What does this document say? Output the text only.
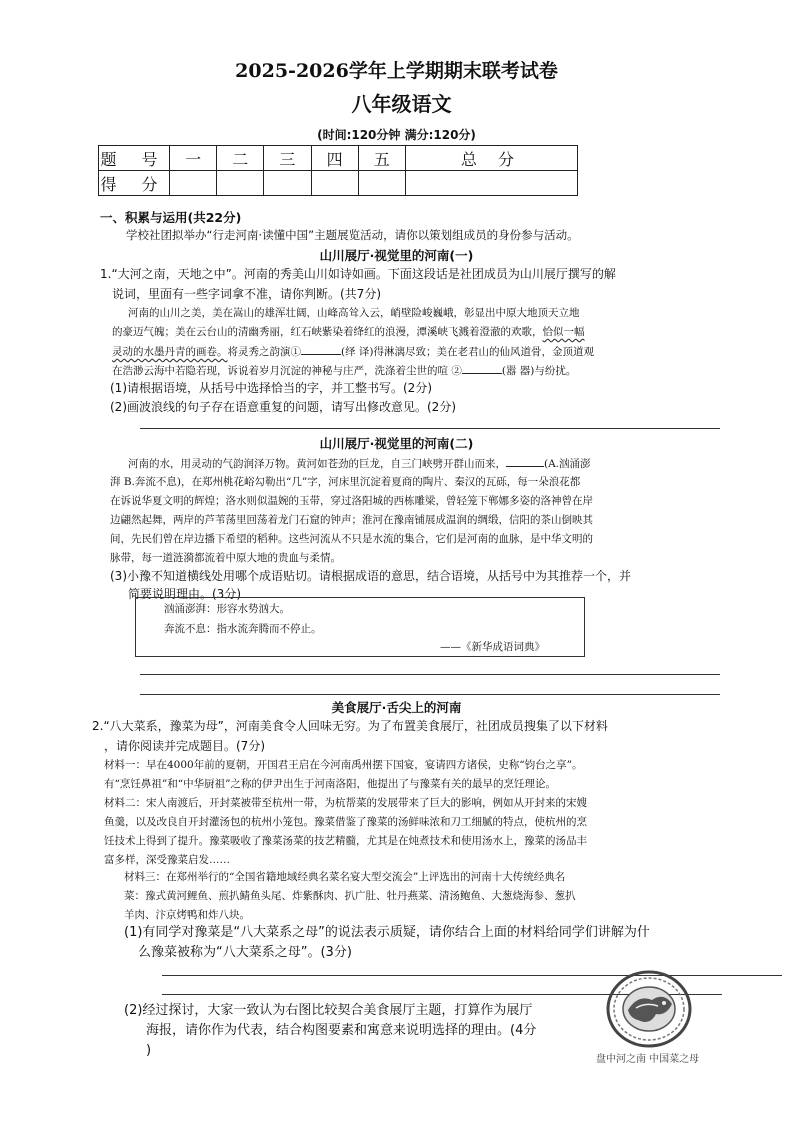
2025-2026学年上学期期末联考试卷
八年级语文
(时间:120分钟 满分:120分)
题 号	一	二	三	四	五	总 分
得 分						
一、积累与运用(共22分)
学校社团拟举办“行走河南·读懂中国”主题展览活动，请你以策划组成员的身份参与活动。
山川展厅·视觉里的河南(一)
1.“大河之南，天地之中”。河南的秀美山川如诗如画。下面这段话是社团成员为山川展厅撰写的解
说词，里面有一些字词拿不准，请你判断。(共7分)
河南的山川之美，美在嵩山的雄浑壮阔，山峰高耸入云，峭壁险峻巍峨，彰显出中原大地顶天立地
的豪迈气魄；美在云台山的清幽秀丽，红石峡紫染着绛红的浪漫，潭溪峡飞溅着澄澈的欢歌，恰似一幅
灵动的水墨丹青的画卷。将灵秀之韵演①	(绎 译)得淋漓尽致；美在老君山的仙风道骨，金顶道观
在浩渺云海中若隐若现，诉说着岁月沉淀的神秘与庄严，洗涤着尘世的喧 ②	(嚣 器)与纷扰。
(1)请根据语境，从括号中选择恰当的字，并工整书写。(2分)
(2)画波浪线的句子存在语意重复的问题，请写出修改意见。(2分)
山川展厅·视觉里的河南(二)
河南的水，用灵动的气韵润泽万物。黄河如苍劲的巨龙，自三门峡劈开群山而来，	(A.汹涌澎
湃 B.奔流不息)，在郑州桃花峪勾勒出“几”字，河床里沉淀着夏商的陶片、秦汉的瓦砾，每一朵浪花都
在诉说华夏文明的辉煌；洛水则似温婉的玉带，穿过洛阳城的西栋雕梁，曾轻笼下郸娜多姿的洛神曾在岸
边翩然起舞，两岸的芦苇荡里回荡着龙门石窟的钟声；淮河在豫南铺展成温润的绸缎，信阳的茶山倒映其
间，先民们曾在岸边播下希望的稻种。这些河流从不只是水流的集合，它们是河南的血脉，是中华文明的
脉带，每一道涟漪都流着中原大地的贵血与柔情。
(3)小豫不知道横线处用哪个成语贴切。请根据成语的意思，结合语境，从括号中为其推荐一个，并
简要说明理由。(3分)
汹涌澎湃：形容水势汹大。
奔流不息：指水流奔腾而不停止。
——《新华成语词典》
美食展厅·舌尖上的河南
2.“八大菜系，豫菜为母”，河南美食令人回味无穷。为了布置美食展厅，社团成员搜集了以下材料
，请你阅读并完成题目。(7分)
材料一：早在4000年前的夏朝，开国君王启在今河南禹州摆下国宴，宴请四方诸侯，史称“钧台之享”。
有“烹饪鼻祖”和“中华厨祖”之称的伊尹出生于河南洛阳，他提出了与豫菜有关的最早的烹饪理论。
材料二：宋人南渡后，开封菜被带至杭州一带，为杭帮菜的发展带来了巨大的影响，例如从开封来的宋嫂
鱼羹，以及改良自开封灌汤包的杭州小笼包。豫菜借鉴了豫菜的汤鲜味浓和刀工细腻的特点，使杭州的烹
饪技术上得到了提升。豫菜吸收了豫菜汤菜的技艺精髓，尤其是在炖煮技术和使用汤水上，豫菜的汤品丰
富多样，深受豫菜启发……
材料三：在郑州举行的“全国省籍地域经典名菜名宴大型交流会”上评选出的河南十大传统经典名
菜：豫式黄河鲤鱼、煎扒鲭鱼头尾、炸紫酥肉、扒广肚、牡丹燕菜、清汤鲍鱼、大葱烧海参、葱扒
羊肉、汴京烤鸭和炸八块。
(1)有同学对豫菜是“八大菜系之母”的说法表示质疑，请你结合上面的材料给同学们讲解为什
么豫菜被称为“八大菜系之母”。(3分)
(2)经过探讨，大家一致认为右图比较契合美食展厅主题，打算作为展厅
海报，请你作为代表，结合构图要素和寓意来说明选择的理由。(4分
)
盘中河之南 中国菜之母
